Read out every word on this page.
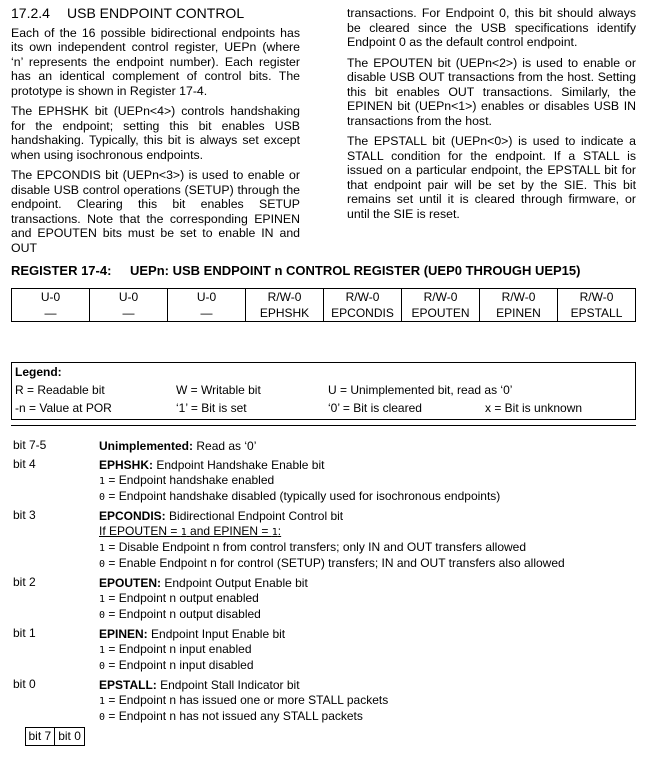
17.2.4 USB ENDPOINT CONTROL

Each of the 16 possible bidirectional endpoints has its own independent control register, UEPn (where ‘n’ represents the endpoint number). Each register has an identical complement of control bits. The prototype is shown in Register 17-4.

The EPHSHK bit (UEPn<4>) controls handshaking for the endpoint; setting this bit enables USB handshaking. Typically, this bit is always set except when using isochronous endpoints.

The EPCONDIS bit (UEPn<3>) is used to enable or disable USB control operations (SETUP) through the endpoint. Clearing this bit enables SETUP transactions. Note that the corresponding EPINEN and EPOUTEN bits must be set to enable IN and OUT

transactions. For Endpoint 0, this bit should always be cleared since the USB specifications identify Endpoint 0 as the default control endpoint.

The EPOUTEN bit (UEPn<2>) is used to enable or disable USB OUT transactions from the host. Setting this bit enables OUT transactions. Similarly, the EPINEN bit (UEPn<1>) enables or disables USB IN transactions from the host.

The EPSTALL bit (UEPn<0>) is used to indicate a STALL condition for the endpoint. If a STALL is issued on a particular endpoint, the EPSTALL bit for that endpoint pair will be set by the SIE. This bit remains set until it is cleared through firmware, or until the SIE is reset.

REGISTER 17-4: UEPn: USB ENDPOINT n CONTROL REGISTER (UEP0 THROUGH UEP15)
U-0	U-0	U-0	R/W-0	R/W-0	R/W-0	R/W-0	R/W-0
—	—	—	EPHSHK	EPCONDIS	EPOUTEN	EPINEN	EPSTALL

bit 7	bit 0
Legend:
R = Readable bit	W = Writable bit	U = Unimplemented bit, read as ‘0’
-n = Value at POR	‘1’ = Bit is set	‘0’ = Bit is cleared	x = Bit is unknown
bit 7-5	Unimplemented: Read as ‘0’
bit 4	EPHSHK: Endpoint Handshake Enable bit
1 = Endpoint handshake enabled
0 = Endpoint handshake disabled (typically used for isochronous endpoints)
bit 3	EPCONDIS: Bidirectional Endpoint Control bit
If EPOUTEN = 1 and EPINEN = 1:
1 = Disable Endpoint n from control transfers; only IN and OUT transfers allowed
0 = Enable Endpoint n for control (SETUP) transfers; IN and OUT transfers also allowed
bit 2	EPOUTEN: Endpoint Output Enable bit
1 = Endpoint n output enabled
0 = Endpoint n output disabled
bit 1	EPINEN: Endpoint Input Enable bit
1 = Endpoint n input enabled
0 = Endpoint n input disabled
bit 0	EPSTALL: Endpoint Stall Indicator bit
1 = Endpoint n has issued one or more STALL packets
0 = Endpoint n has not issued any STALL packets
